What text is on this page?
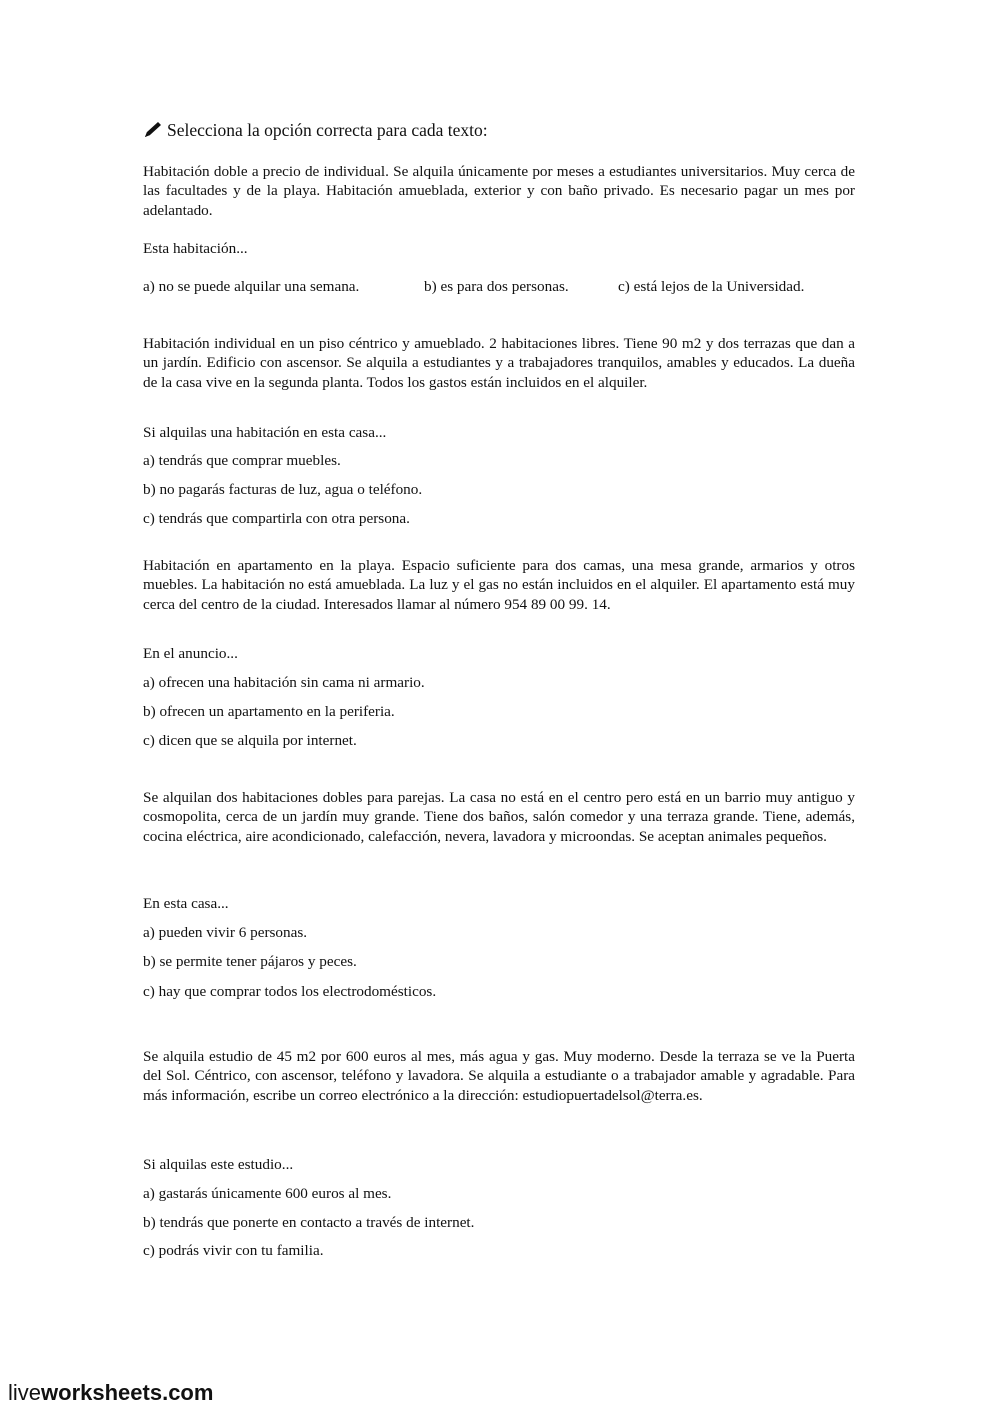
Selecciona la opción correcta para cada texto:
Habitación doble a precio de individual. Se alquila únicamente por meses a estudiantes universitarios. Muy cerca de las facultades y de la playa. Habitación amueblada, exterior y con baño privado. Es necesario pagar un mes por adelantado.
Esta habitación...
a) no se puede alquilar una semana.	b) es para dos personas.	c) está lejos de la Universidad.
Habitación individual en un piso céntrico y amueblado. 2 habitaciones libres. Tiene 90 m2 y dos terrazas que dan a un jardín. Edificio con ascensor. Se alquila a estudiantes y a trabajadores tranquilos, amables y educados. La dueña de la casa vive en la segunda planta. Todos los gastos están incluidos en el alquiler.
Si alquilas una habitación en esta casa...
a) tendrás que comprar muebles.
b) no pagarás facturas de luz, agua o teléfono.
c) tendrás que compartirla con otra persona.
Habitación en apartamento en la playa. Espacio suficiente para dos camas, una mesa grande, armarios y otros muebles. La habitación no está amueblada. La luz y el gas no están incluidos en el alquiler. El apartamento está muy cerca del centro de la ciudad. Interesados llamar al número 954 89 00 99. 14.
En el anuncio...
a) ofrecen una habitación sin cama ni armario.
b) ofrecen un apartamento en la periferia.
c) dicen que se alquila por internet.
Se alquilan dos habitaciones dobles para parejas. La casa no está en el centro pero está en un barrio muy antiguo y cosmopolita, cerca de un jardín muy grande. Tiene dos baños, salón comedor y una terraza grande. Tiene, además, cocina eléctrica, aire acondicionado, calefacción, nevera, lavadora y microondas. Se aceptan animales pequeños.
En esta casa...
a) pueden vivir 6 personas.
b) se permite tener pájaros y peces.
c) hay que comprar todos los electrodomésticos.
Se alquila estudio de 45 m2 por 600 euros al mes, más agua y gas. Muy moderno. Desde la terraza se ve la Puerta del Sol. Céntrico, con ascensor, teléfono y lavadora. Se alquila a estudiante o a trabajador amable y agradable. Para más información, escribe un correo electrónico a la dirección: estudiopuertadelsol@terra.es.
Si alquilas este estudio...
a) gastarás únicamente 600 euros al mes.
b) tendrás que ponerte en contacto a través de internet.
c) podrás vivir con tu familia.
liveworksheets.com
